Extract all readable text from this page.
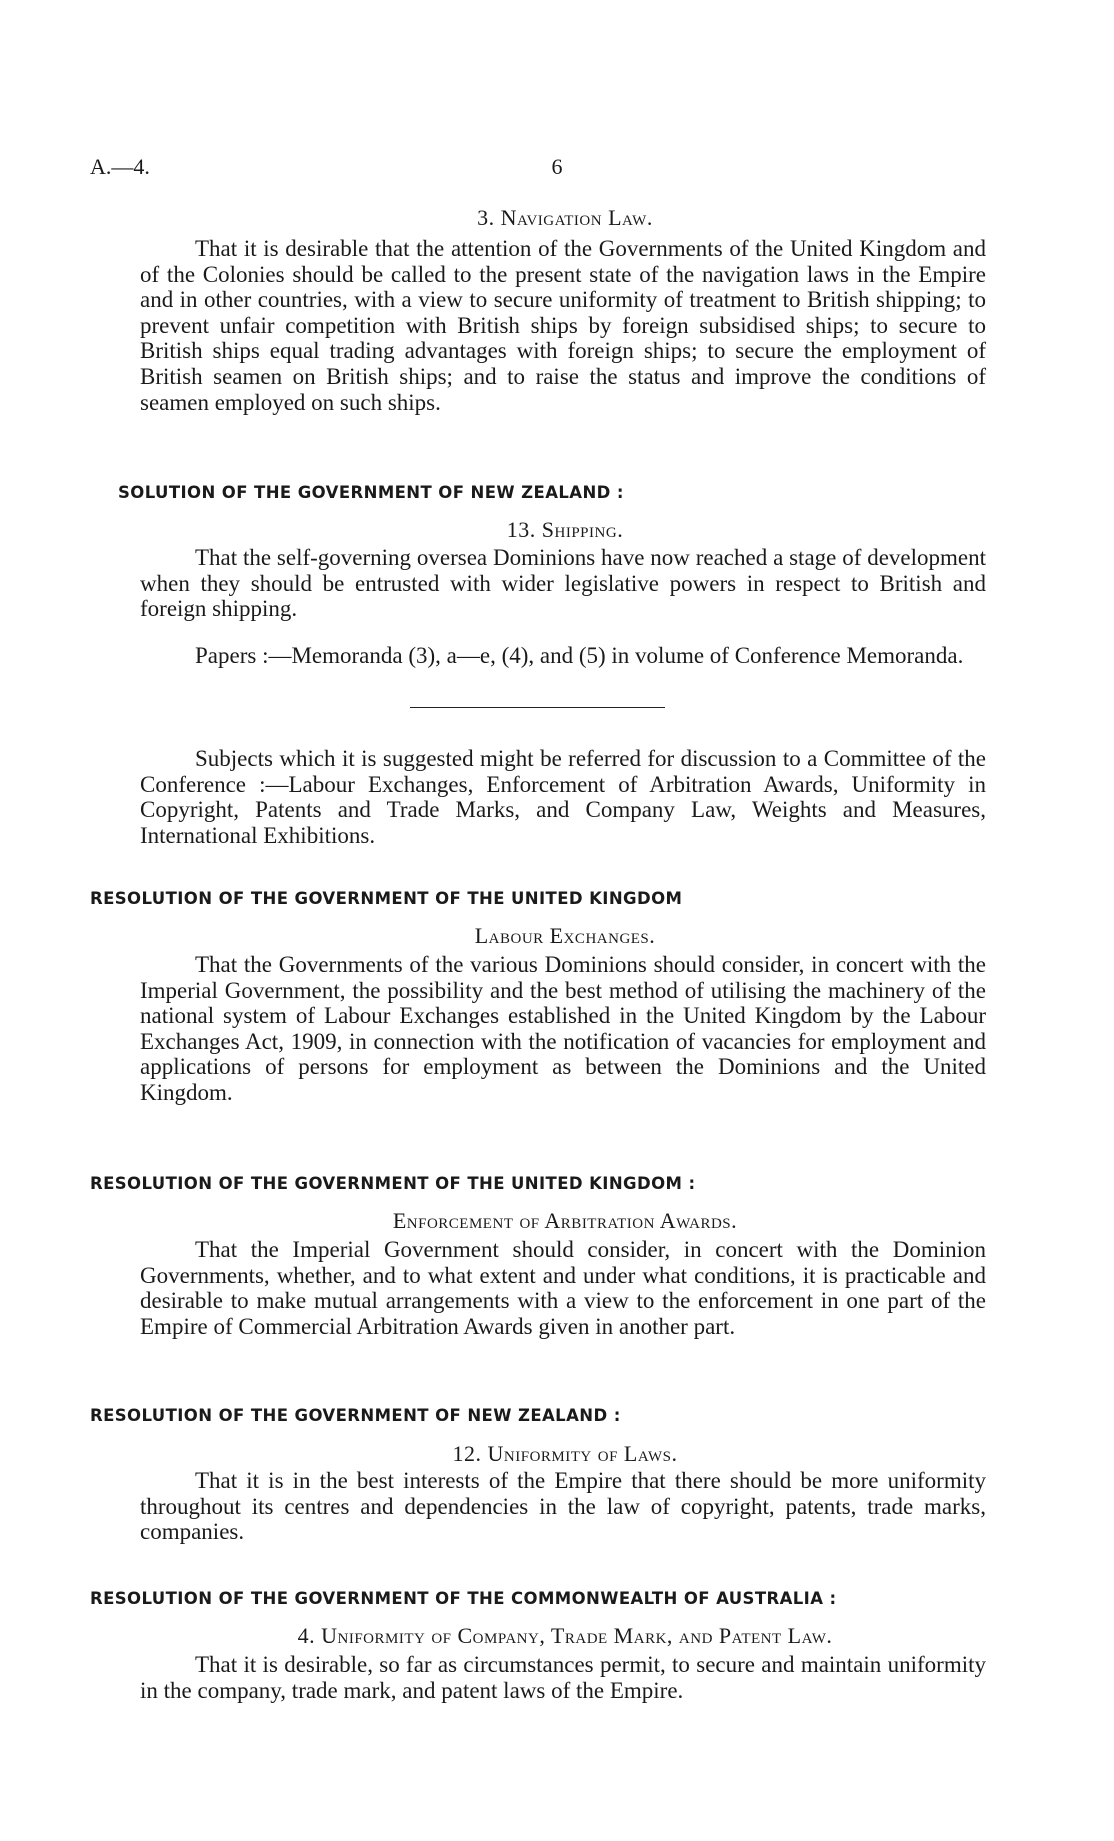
A.—4.	6
3. Navigation Law.

That it is desirable that the attention of the Governments of the United Kingdom and of the Colonies should be called to the present state of the navigation laws in the Empire and in other countries, with a view to secure uniformity of treatment to British shipping; to prevent unfair competition with British ships by foreign subsidised ships; to secure to British ships equal trading advantages with foreign ships; to secure the employment of British seamen on British ships; and to raise the status and improve the conditions of seamen employed on such ships.

SOLUTION OF THE GOVERNMENT OF NEW ZEALAND :
13. Shipping.

That the self-governing oversea Dominions have now reached a stage of development when they should be entrusted with wider legislative powers in respect to British and foreign shipping.

Papers :—Memoranda (3), a—e, (4), and (5) in volume of Conference Memoranda.

Subjects which it is suggested might be referred for discussion to a Committee of the Conference :—Labour Exchanges, Enforcement of Arbitration Awards, Uniformity in Copyright, Patents and Trade Marks, and Company Law, Weights and Measures, International Exhibitions.

RESOLUTION OF THE GOVERNMENT OF THE UNITED KINGDOM
Labour Exchanges.

That the Governments of the various Dominions should consider, in concert with the Imperial Government, the possibility and the best method of utilising the machinery of the national system of Labour Exchanges established in the United Kingdom by the Labour Exchanges Act, 1909, in connection with the notification of vacancies for employment and applications of persons for employment as between the Dominions and the United Kingdom.

RESOLUTION OF THE GOVERNMENT OF THE UNITED KINGDOM :
Enforcement of Arbitration Awards.

That the Imperial Government should consider, in concert with the Dominion Governments, whether, and to what extent and under what conditions, it is practicable and desirable to make mutual arrangements with a view to the enforcement in one part of the Empire of Commercial Arbitration Awards given in another part.

RESOLUTION OF THE GOVERNMENT OF NEW ZEALAND :
12. Uniformity of Laws.

That it is in the best interests of the Empire that there should be more uniformity throughout its centres and dependencies in the law of copyright, patents, trade marks, companies.

RESOLUTION OF THE GOVERNMENT OF THE COMMONWEALTH OF AUSTRALIA :
4. Uniformity of Company, Trade Mark, and Patent Law.

That it is desirable, so far as circumstances permit, to secure and maintain uniformity in the company, trade mark, and patent laws of the Empire.
